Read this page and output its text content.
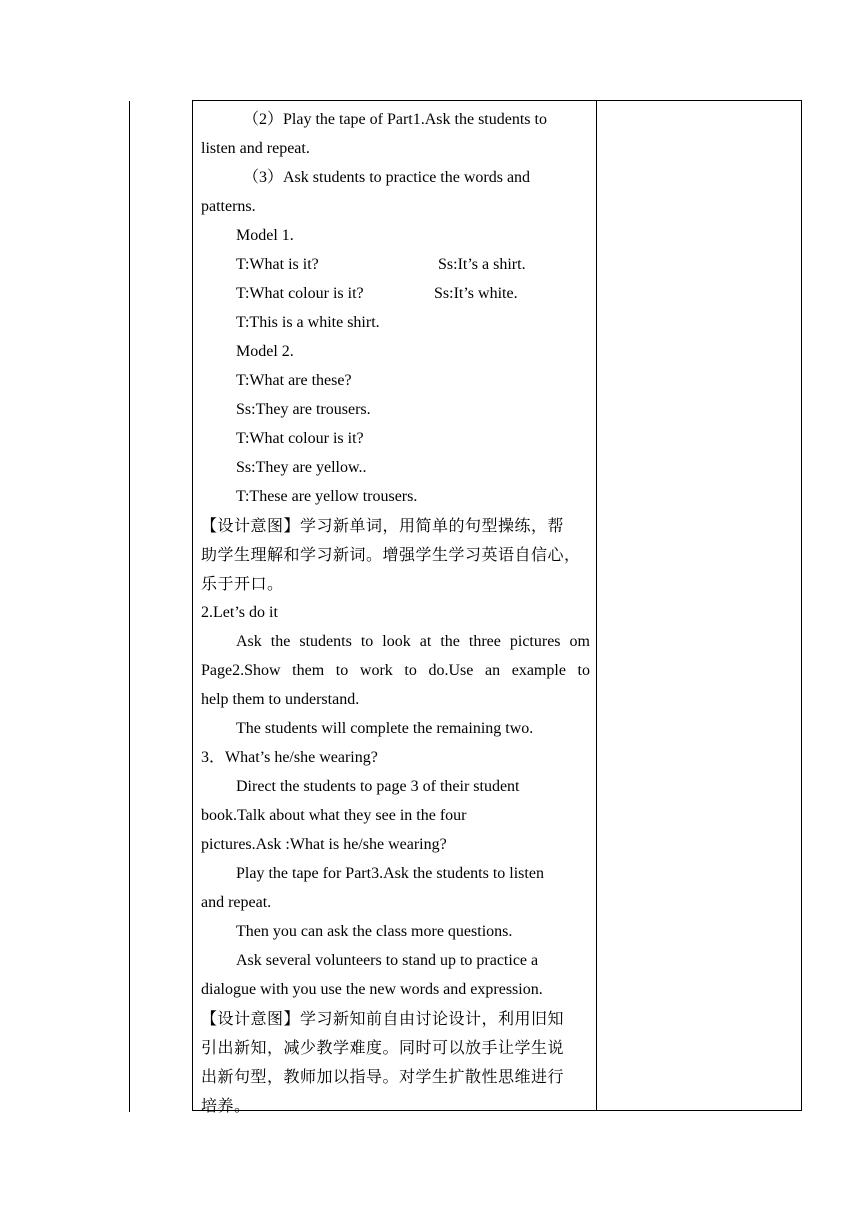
（2）Play the tape of Part1.Ask the students to
listen and repeat.
（3）Ask students to practice the words and
patterns.
Model 1.
T:What is it?	Ss:It’s a shirt.
T:What colour is it?	Ss:It’s white.
T:This is a white shirt.
Model 2.
T:What are these?
Ss:They are trousers.
T:What colour is it?
Ss:They are yellow..
T:These are yellow trousers.
【设计意图】学习新单词，用简单的句型操练，帮
助学生理解和学习新词。增强学生学习英语自信心，
乐于开口。
2.Let’s do it
Ask the students to look at the three pictures om
Page2.Show them to work to do.Use an example to
help them to understand.
The students will complete the remaining two.
3．What’s he/she wearing?
Direct the students to page 3 of their student
book.Talk about what they see in the four
pictures.Ask :What is he/she wearing?
Play the tape for Part3.Ask the students to listen
and repeat.
Then you can ask the class more questions.
Ask several volunteers to stand up to practice a
dialogue with you use the new words and expression.
【设计意图】学习新知前自由讨论设计，利用旧知
引出新知，减少教学难度。同时可以放手让学生说
出新句型，教师加以指导。对学生扩散性思维进行
培养。
